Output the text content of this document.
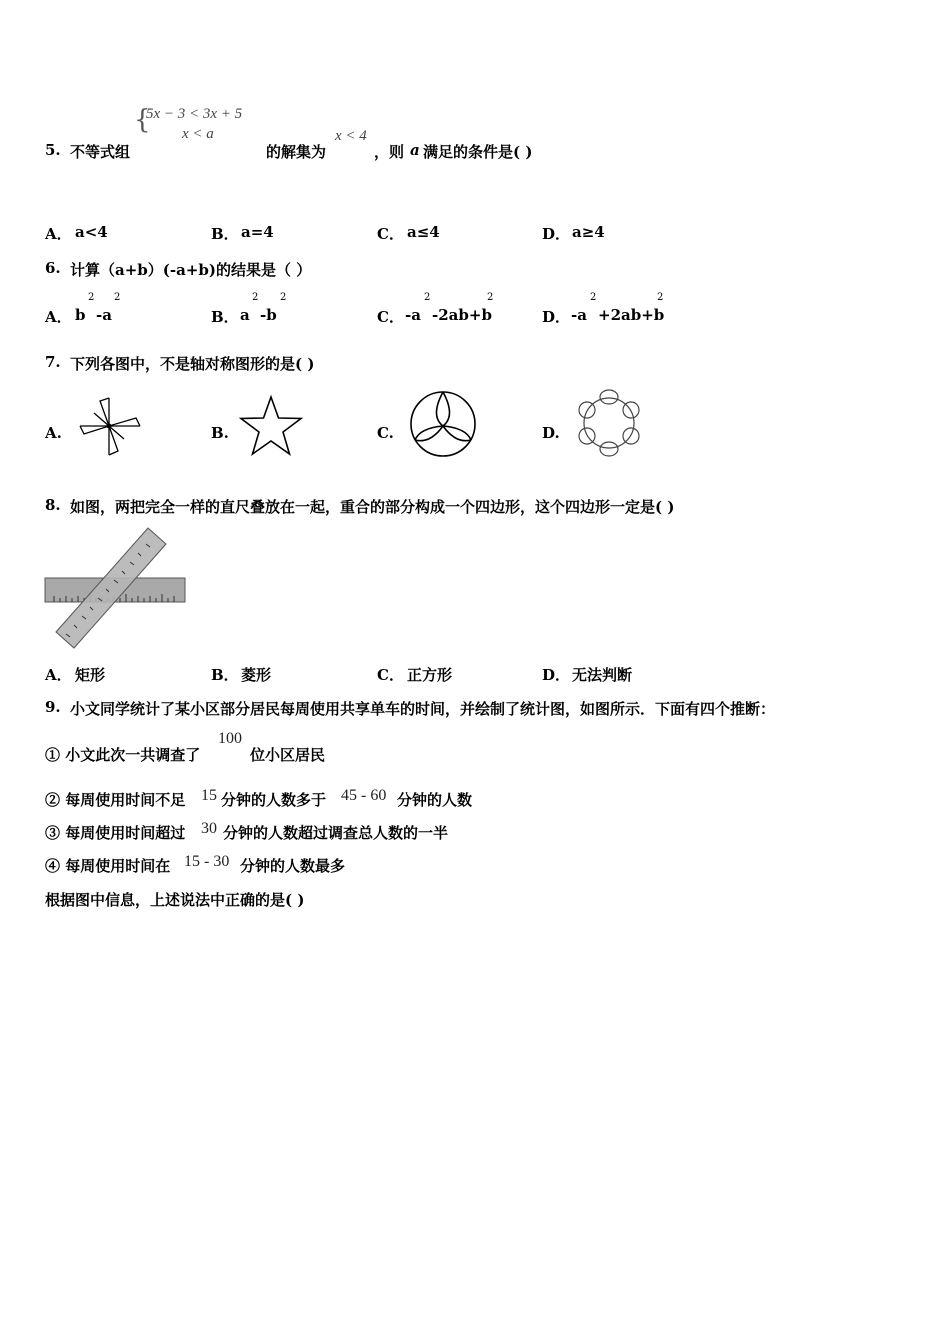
{
5x − 3 < 3x + 5
x < a
5. 不等式组	的解集为
x < 4
，则 a 满足的条件是( )
A． a<4	B． a=4	C． a≤4	D． a≥4
6. 计算（a+b）(-a+b)的结果是（ ）
A． b
2
-a
2
B． a
2
-b
2
C． -a
2
-2ab+b
2
D． -a
2
+2ab+b
2
7. 下列各图中，不是轴对称图形的是( )
A.	B.	C.	D.
8. 如图，两把完全一样的直尺叠放在一起，重合的部分构成一个四边形，这个四边形一定是( )
A． 矩形	B． 菱形	C． 正方形	D． 无法判断
9. 小文同学统计了某小区部分居民每周使用共享单车的时间，并绘制了统计图，如图所示．下面有四个推断：
① 小文此次一共调查了
100
位小区居民
② 每周使用时间不足 15 分钟的人数多于 45 - 60 分钟的人数
③ 每周使用时间超过 30 分钟的人数超过调查总人数的一半
④ 每周使用时间在 15 - 30 分钟的人数最多
根据图中信息，上述说法中正确的是( )
